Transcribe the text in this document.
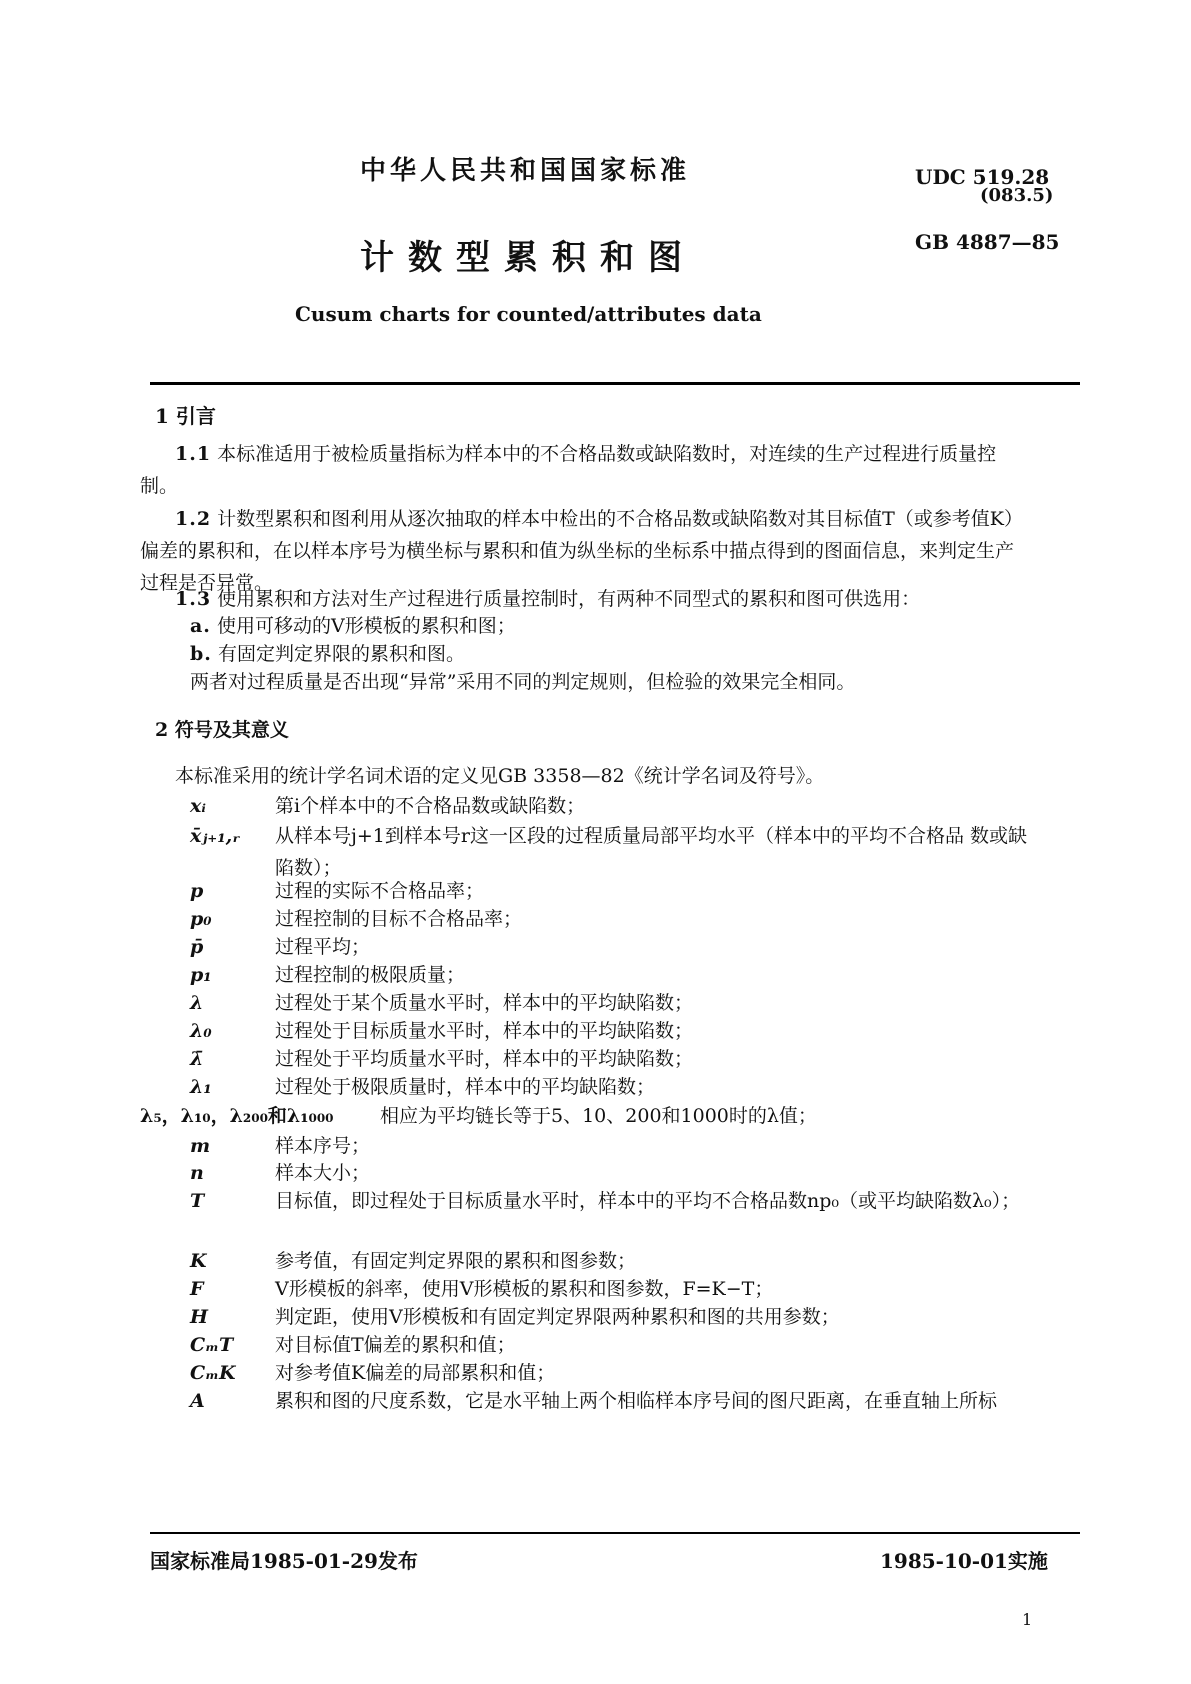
中华人民共和国国家标准
计数型累积和图
Cusum charts for counted/attributes data
UDC 519.28
(083.5)
GB 4887—85
1 引言
1.1 本标准适用于被检质量指标为样本中的不合格品数或缺陷数时，对连续的生产过程进行质量控制。
1.2 计数型累积和图利用从逐次抽取的样本中检出的不合格品数或缺陷数对其目标值T（或参考值K）偏差的累积和，在以样本序号为横坐标与累积和值为纵坐标的坐标系中描点得到的图面信息，来判定生产过程是否异常。
1.3 使用累积和方法对生产过程进行质量控制时，有两种不同型式的累积和图可供选用：
a. 使用可移动的V形模板的累积和图；
b. 有固定判定界限的累积和图。
两者对过程质量是否出现“异常”采用不同的判定规则，但检验的效果完全相同。
2 符号及其意义
本标准采用的统计学名词术语的定义见GB 3358—82《统计学名词及符号》。
xᵢ	第i个样本中的不合格品数或缺陷数；
x̄ⱼ₊₁,ᵣ	从样本号j+1到样本号r这一区段的过程质量局部平均水平（样本中的平均不合格品 数或缺陷数）；
p	过程的实际不合格品率；
p₀	过程控制的目标不合格品率；
p̄	过程平均；
p₁	过程控制的极限质量；
λ	过程处于某个质量水平时，样本中的平均缺陷数；
λ₀	过程处于目标质量水平时，样本中的平均缺陷数；
λ̄	过程处于平均质量水平时，样本中的平均缺陷数；
λ₁	过程处于极限质量时，样本中的平均缺陷数；
λ₅，λ₁₀，λ₂₀₀和λ₁₀₀₀	相应为平均链长等于5、10、200和1000时的λ值；
m	样本序号；
n	样本大小；
T	目标值，即过程处于目标质量水平时，样本中的平均不合格品数np₀（或平均缺陷数λ₀）；
K	参考值，有固定判定界限的累积和图参数；
F	V形模板的斜率，使用V形模板的累积和图参数，F=K−T；
H	判定距，使用V形模板和有固定判定界限两种累积和图的共用参数；
CₘT	对目标值T偏差的累积和值；
CₘK	对参考值K偏差的局部累积和值；
A	累积和图的尺度系数，它是水平轴上两个相临样本序号间的图尺距离，在垂直轴上所标
国家标准局1985-01-29发布	1985-10-01实施
1
